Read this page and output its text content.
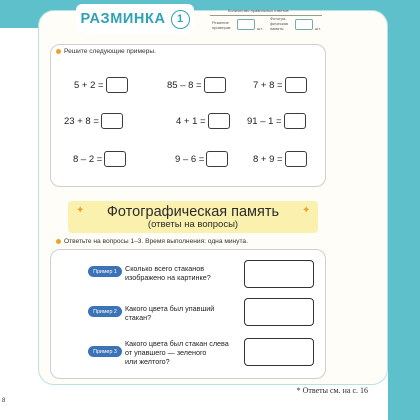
РАЗМИНКА	1
Количество правильных ответов
Решение
примеров:	шт.
Фотогра-
фическая
память:	шт.
Решите следующие примеры.
5 + 2 =	85 – 8 =	7 + 8 =
23 + 8 =	4 + 1 =	91 – 1 =
8 – 2 =	9 – 6 =	8 + 9 =
Фотографическая память
(ответы на вопросы)
✦	✦
Ответьте на вопросы 1–3. Время выполнения: одна минута.
Пример 1	Сколько всего стаканов
изображено на картинке?
Пример 2	Какого цвета был упавший
стакан?
Пример 3
Какого цвета был стакан слева
от упавшего — зеленого
или желтого?
8
* Ответы см. на с. 16
